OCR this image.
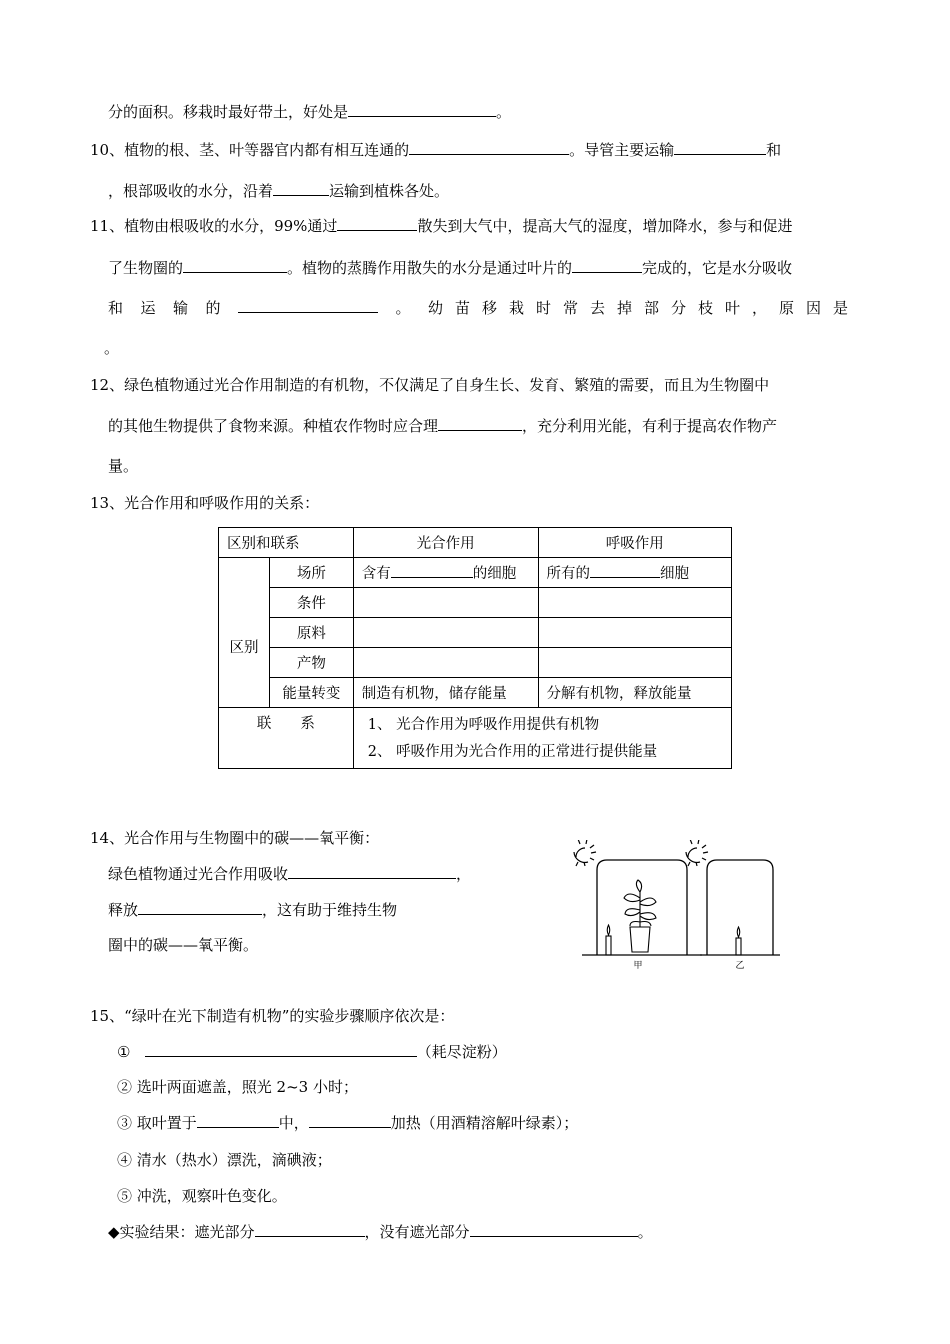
分的面积。移栽时最好带土，好处是	。
10、植物的根、茎、叶等器官内都有相互连通的	。导管主要运输	和
，根部吸收的水分，沿着	运输到植株各处。
11、植物由根吸收的水分，99%通过	散失到大气中，提高大气的湿度，增加降水，参与和促进
了生物圈的	。植物的蒸腾作用散失的水分是通过叶片的	完成的，它是水分吸收
和 运 输 的	。 幼苗移栽时常去掉部分枝叶，原因是
。
12、绿色植物通过光合作用制造的有机物，不仅满足了自身生长、发育、繁殖的需要，而且为生物圈中
的其他生物提供了食物来源。种植农作物时应合理	，充分利用光能，有利于提高农作物产
量。
13、光合作用和呼吸作用的关系：
区别和联系		光合作用	呼吸作用
区别	场所	含有 的细胞	所有的 细胞
	条件		
	原料		
	产物		
	能量转变	制造有机物，储存能量	分解有机物，释放能量
联　　系		1、 光合作用为呼吸作用提供有机物
2、 呼吸作用为光合作用的正常进行提供能量	
14、光合作用与生物圈中的碳——氧平衡：
绿色植物通过光合作用吸收	，
释放	，这有助于维持生物
圈中的碳——氧平衡。
甲	乙
15、“绿叶在光下制造有机物”的实验步骤顺序依次是：
①	（耗尽淀粉）
② 选叶两面遮盖，照光 2~3 小时；
③ 取叶置于	中，	加热（用酒精溶解叶绿素）；
④ 清水（热水）漂洗，滴碘液；
⑤ 冲洗，观察叶色变化。
◆实验结果：遮光部分	，没有遮光部分	。
